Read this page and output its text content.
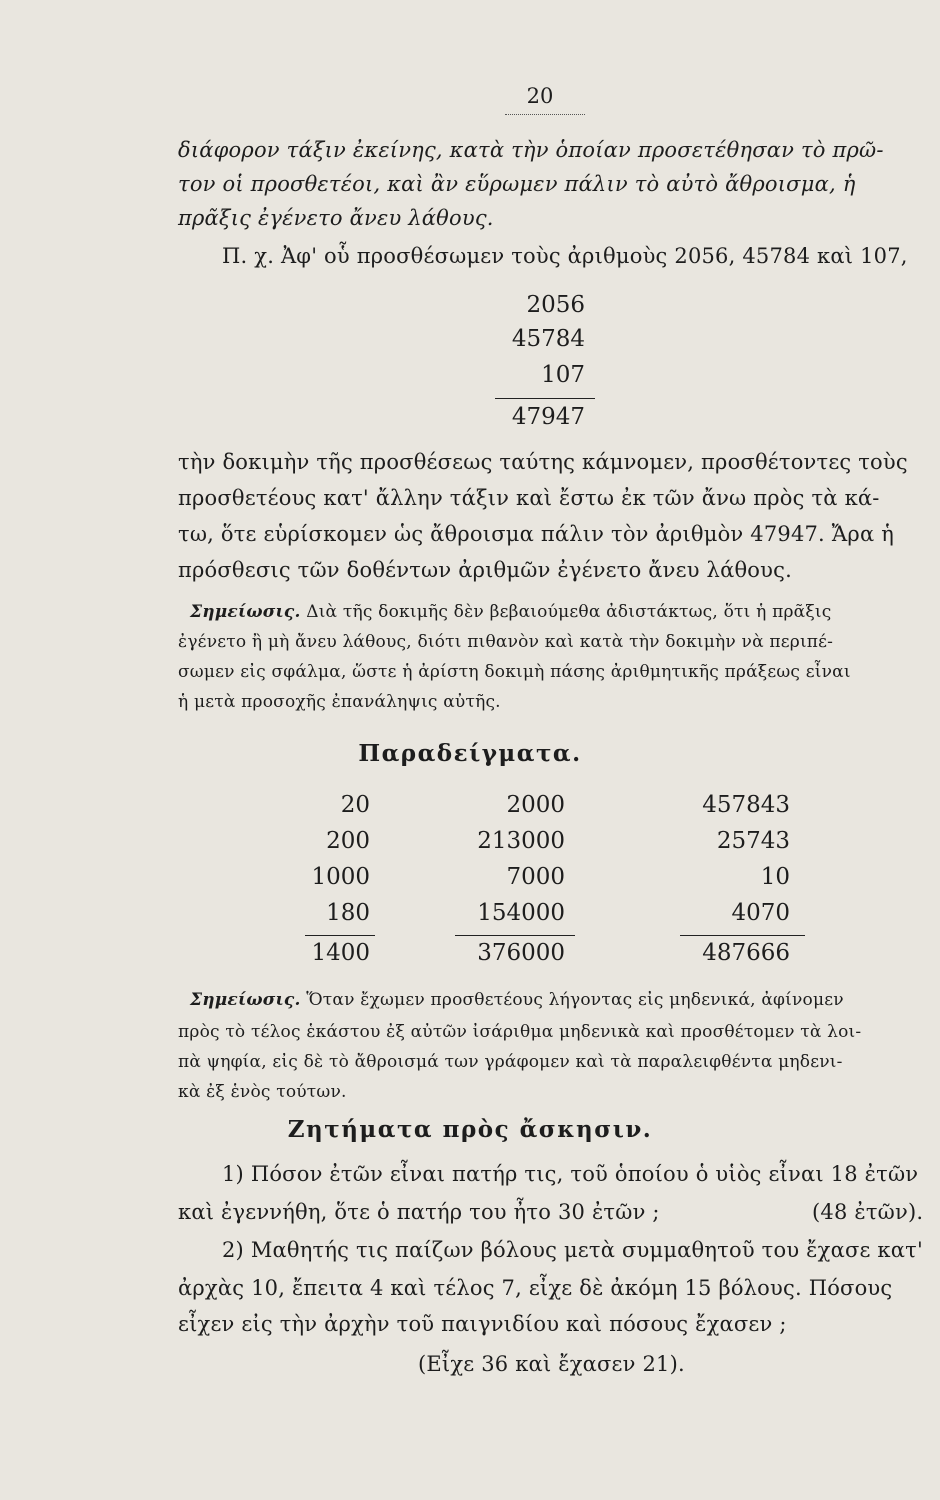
20
διάφορον τάξιν ἐκείνης, κατὰ τὴν ὁποίαν προσετέθησαν τὸ πρῶ-
τον οἱ προσθετέοι, καὶ ἂν εὕρωμεν πάλιν τὸ αὐτὸ ἄθροισμα, ἡ
πρᾶξις ἐγένετο ἄνευ λάθους.
Π. χ. Ἀφ' οὗ προσθέσωμεν τοὺς ἀριθμοὺς 2056, 45784 καὶ 107,
2056
45784
107
47947
τὴν δοκιμὴν τῆς προσθέσεως ταύτης κάμνομεν, προσθέτοντες τοὺς
προσθετέους κατ' ἄλλην τάξιν καὶ ἔστω ἐκ τῶν ἄνω πρὸς τὰ κά-
τω, ὅτε εὑρίσκομεν ὡς ἄθροισμα πάλιν τὸν ἀριθμὸν 47947. Ἄρα ἡ
πρόσθεσις τῶν δοθέντων ἀριθμῶν ἐγένετο ἄνευ λάθους.
Σημείωσις. Διὰ τῆς δοκιμῆς δὲν βεβαιούμεθα ἀδιστάκτως, ὅτι ἡ πρᾶξις
ἐγένετο ἢ μὴ ἄνευ λάθους, διότι πιθανὸν καὶ κατὰ τὴν δοκιμὴν νὰ περιπέ-
σωμεν εἰς σφάλμα, ὥστε ἡ ἀρίστη δοκιμὴ πάσης ἀριθμητικῆς πράξεως εἶναι
ἡ μετὰ προσοχῆς ἐπανάληψις αὐτῆς.
Παραδείγματα.
20
200
1000
180
1400
2000
213000
7000
154000
376000
457843
25743
10
4070
487666
Σημείωσις. Ὅταν ἔχωμεν προσθετέους λήγοντας εἰς μηδενικά, ἀφίνομεν
πρὸς τὸ τέλος ἑκάστου ἐξ αὐτῶν ἰσάριθμα μηδενικὰ καὶ προσθέτομεν τὰ λοι-
πὰ ψηφία, εἰς δὲ τὸ ἄθροισμά των γράφομεν καὶ τὰ παραλειφθέντα μηδενι-
κὰ ἐξ ἑνὸς τούτων.
Ζητήματα πρὸς ἄσκησιν.
1) Πόσον ἐτῶν εἶναι πατήρ τις, τοῦ ὁποίου ὁ υἱὸς εἶναι 18 ἐτῶν
καὶ ἐγεννήθη, ὅτε ὁ πατήρ του ἦτο 30 ἐτῶν ;	(48 ἐτῶν).
2) Μαθητής τις παίζων βόλους μετὰ συμμαθητοῦ του ἔχασε κατ'
ἀρχὰς 10, ἔπειτα 4 καὶ τέλος 7, εἶχε δὲ ἀκόμη 15 βόλους. Πόσους
εἶχεν εἰς τὴν ἀρχὴν τοῦ παιγνιδίου καὶ πόσους ἔχασεν ;
(Εἶχε 36 καὶ ἔχασεν 21).
